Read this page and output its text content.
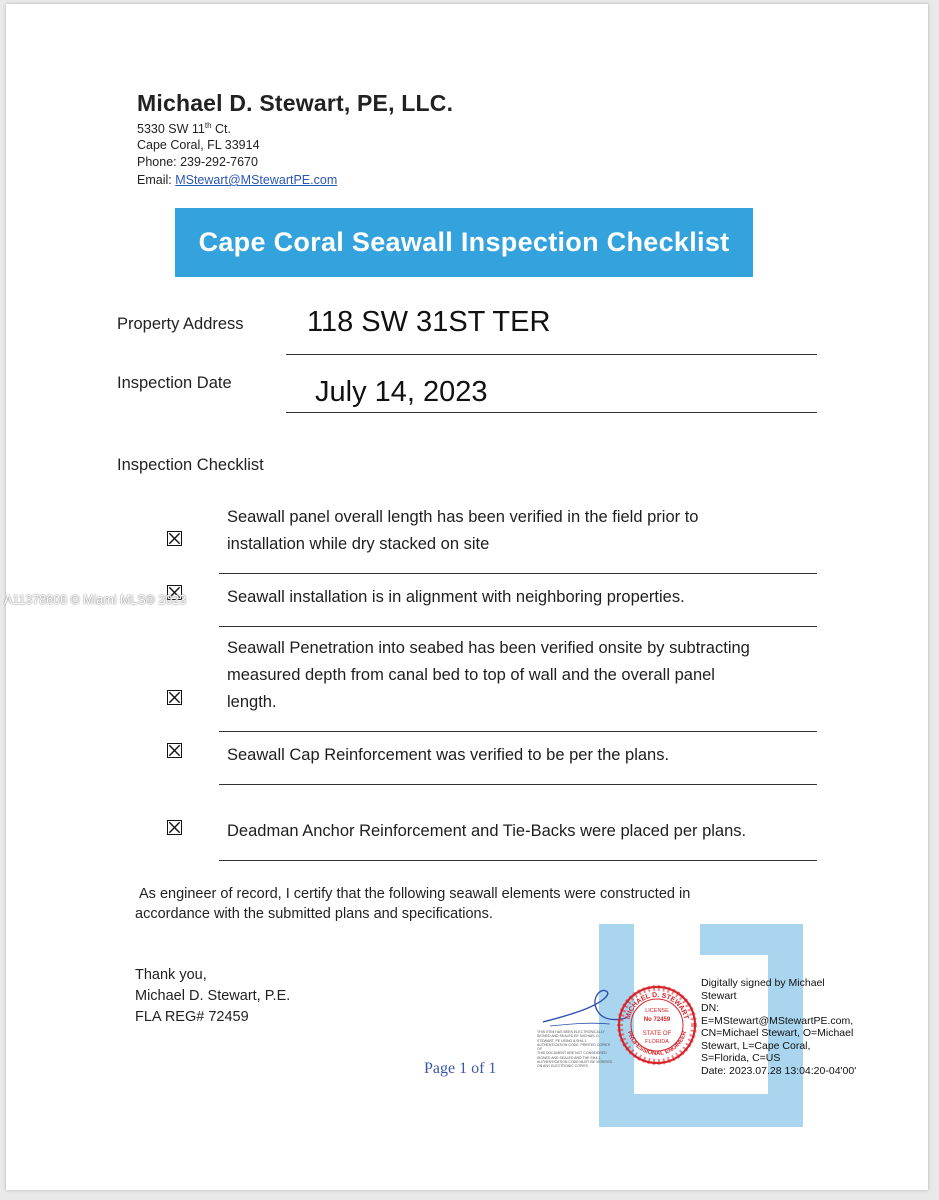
Michael D. Stewart, PE, LLC.
5330 SW 11th Ct.
Cape Coral, FL 33914
Phone: 239-292-7670
Email: MStewart@MStewartPE.com
Cape Coral Seawall Inspection Checklist
Property Address 118 SW 31ST TER
Inspection Date	July 14, 2023
Inspection Checklist
Seawall panel overall length has been verified in the field prior to
installation while dry stacked on site
Seawall installation is in alignment with neighboring properties.
Seawall Penetration into seabed has been verified onsite by subtracting
measured depth from canal bed to top of wall and the overall panel
length.
Seawall Cap Reinforcement was verified to be per the plans.
Deadman Anchor Reinforcement and Tie-Backs were placed per plans.
As engineer of record, I certify that the following seawall elements were constructed in
accordance with the submitted plans and specifications.
Thank you,
Michael D. Stewart, P.E.
FLA REG# 72459
THIS ITEM HAS BEEN ELECTRONICALLY
SIGNED AND SEALED BY MICHAEL D.
STEWART, PE USING A SHA-1
AUTHENTICATION CODE. PRINTED COPIES OF
THIS DOCUMENT ARE NOT CONSIDERED
SIGNED AND SEALED AND THE SHA-1
AUTHENTICATION CODE MUST BE VERIFIED
ON ANY ELECTRONIC COPIES.
MICHAEL D. STEWART
PROFESSIONAL ENGINEER
LICENSE
No 72459
STATE OF
FLORIDA
Digitally signed by Michael
Stewart
DN:
E=MStewart@MStewartPE.com,
CN=Michael Stewart, O=Michael
Stewart, L=Cape Coral,
S=Florida, C=US
Date: 2023.07.28 13:04:20-04'00'
Page 1 of 1
A11378606 © Miami MLS® 2023
